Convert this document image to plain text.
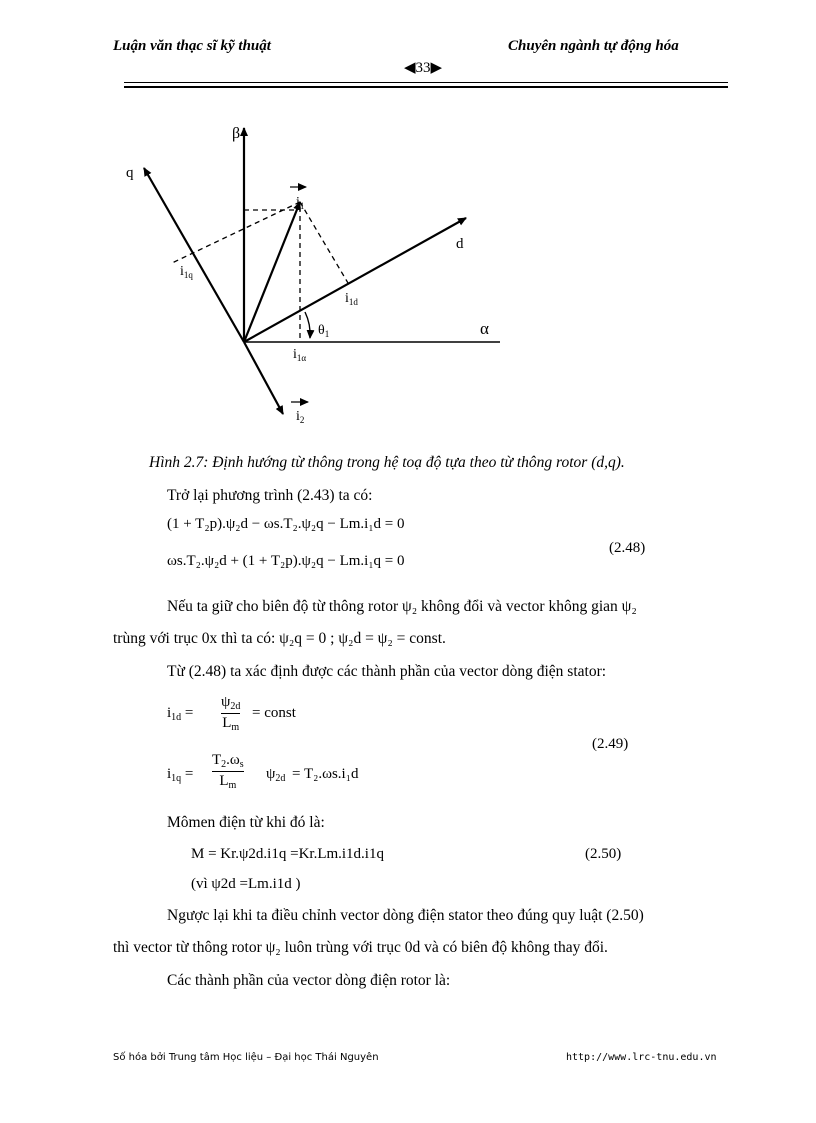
Luận văn thạc sĩ kỹ thuật	Chuyên ngành tự động hóa
◀33▶
β
α
q
d
$i_1$
$i_{1q}$
$i_{1d}$
$i_{1\alpha}$
$\theta_1$
$i_2$
Hình 2.7: Định hướng từ thông trong hệ toạ độ tựa theo từ thông rotor (d,q).
Trở lại phương trình (2.43) ta có:
(1 + T₂p).ψ₂d − ωs.T₂.ψ₂q − Lm.i₁d = 0
ωs.T₂.ψ₂d + (1 + T₂p).ψ₂q − Lm.i₁q = 0
(2.48)
Nếu ta giữ cho biên độ từ thông rotor ψ₂ không đổi và vector không gian ψ₂
trùng với trục 0x thì ta có: ψ₂q = 0 ; ψ₂d = ψ₂ = const.
Từ (2.48) ta xác định được các thành phần của vector dòng điện stator:
$i_{1d}$ =
$\psi_{2d}$
$L_m$
= const
$i_{1q}$ =
$T_2.\omega_s$
$L_m$
$\psi_{2d} = T_2.\omega s.i_1d$
(2.49)
Mômen điện từ khi đó là:
M = Kr.ψ2d.i1q =Kr.Lm.i1d.i1q	(2.50)
(vì ψ2d =Lm.i1d )
Ngược lại khi ta điều chỉnh vector dòng điện stator theo đúng quy luật (2.50)
thì vector từ thông rotor ψ₂ luôn trùng với trục 0d và có biên độ không thay đổi.
Các thành phần của vector dòng điện rotor là:
Số hóa bởi Trung tâm Học liệu – Đại học Thái Nguyên	http://www.lrc-tnu.edu.vn
